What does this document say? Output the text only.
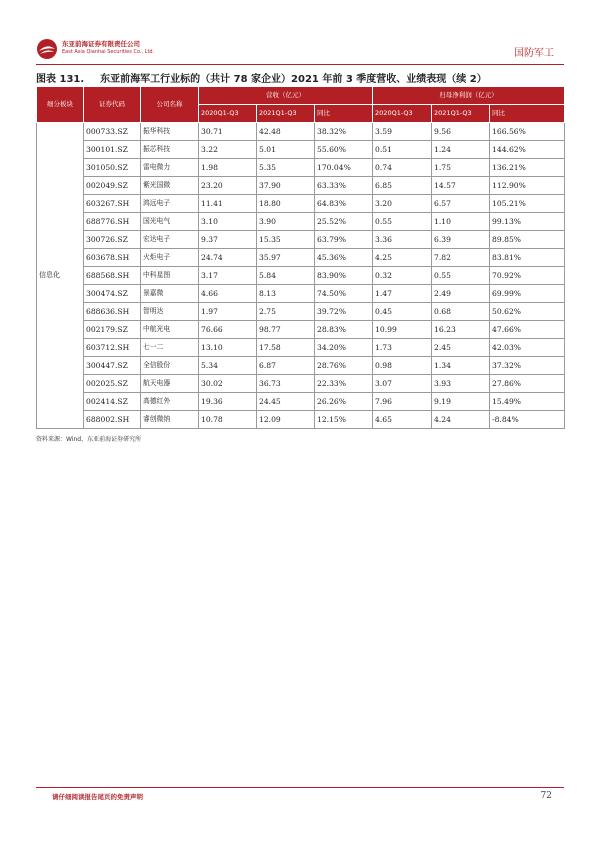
东亚前海证券有限责任公司
East Asia Qianhai Securities Co., Ltd.	国防军工
图表 131. 东亚前海军工行业标的（共计 78 家企业）2021 年前 3 季度营收、业绩表现（续 2）
细分板块	证券代码	公司名称	营收（亿元）			归母净利润（亿元）		
			2020Q1-Q3	2021Q1-Q3	同比	2020Q1-Q3	2021Q1-Q3	同比
信息化	000733.SZ	振华科技	30.71	42.48	38.32%	3.59	9.56	166.56%
	300101.SZ	振芯科技	3.22	5.01	55.60%	0.51	1.24	144.62%
	301050.SZ	雷电微力	1.98	5.35	170.04%	0.74	1.75	136.21%
	002049.SZ	紫光国微	23.20	37.90	63.33%	6.85	14.57	112.90%
	603267.SH	鸿远电子	11.41	18.80	64.83%	3.20	6.57	105.21%
	688776.SH	国光电气	3.10	3.90	25.52%	0.55	1.10	99.13%
	300726.SZ	宏达电子	9.37	15.35	63.79%	3.36	6.39	89.85%
	603678.SH	火炬电子	24.74	35.97	45.36%	4.25	7.82	83.81%
	688568.SH	中科星图	3.17	5.84	83.90%	0.32	0.55	70.92%
	300474.SZ	景嘉微	4.66	8.13	74.50%	1.47	2.49	69.99%
	688636.SH	智明达	1.97	2.75	39.72%	0.45	0.68	50.62%
	002179.SZ	中航光电	76.66	98.77	28.83%	10.99	16.23	47.66%
	603712.SH	七一二	13.10	17.58	34.20%	1.73	2.45	42.03%
	300447.SZ	全信股份	5.34	6.87	28.76%	0.98	1.34	37.32%
	002025.SZ	航天电器	30.02	36.73	22.33%	3.07	3.93	27.86%
	002414.SZ	高德红外	19.36	24.45	26.26%	7.96	9.19	15.49%
	688002.SH	睿创微纳	10.78	12.09	12.15%	4.65	4.24	-8.84%
资料来源：Wind，东亚前海证券研究所
请仔细阅读报告尾页的免责声明	72
